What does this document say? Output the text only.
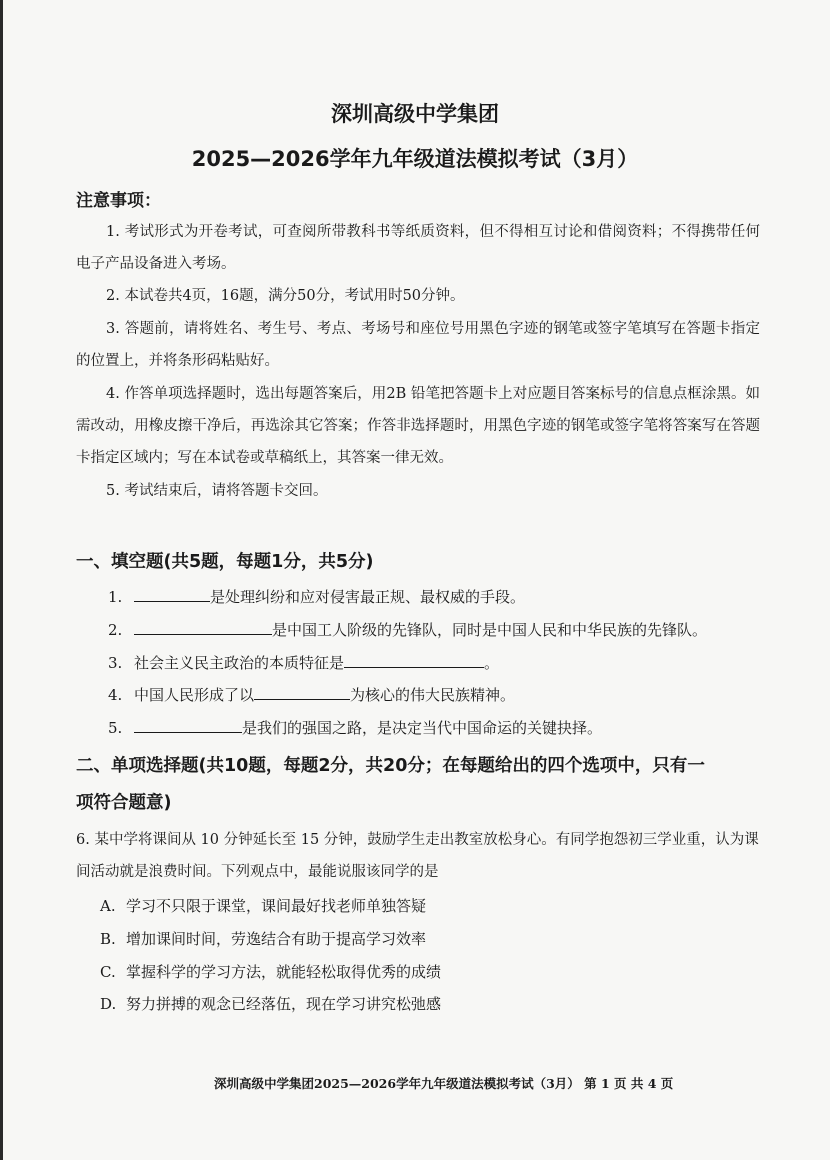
深圳高级中学集团
2025—2026学年九年级道法模拟考试（3月）
注意事项：

1. 考试形式为开卷考试，可查阅所带教科书等纸质资料，但不得相互讨论和借阅资料；不得携带任何电子产品设备进入考场。

2. 本试卷共4页，16题，满分50分，考试用时50分钟。

3. 答题前，请将姓名、考生号、考点、考场号和座位号用黑色字迹的钢笔或签字笔填写在答题卡指定的位置上，并将条形码粘贴好。

4. 作答单项选择题时，选出每题答案后，用2B 铅笔把答题卡上对应题目答案标号的信息点框涂黑。如需改动，用橡皮擦干净后，再选涂其它答案；作答非选择题时，用黑色字迹的钢笔或签字笔将答案写在答题卡指定区域内；写在本试卷或草稿纸上，其答案一律无效。

5. 考试结束后，请将答题卡交回。

一、填空题(共5题，每题1分，共5分)
1.	是处理纠纷和应对侵害最正规、最权威的手段。
2.	是中国工人阶级的先锋队，同时是中国人民和中华民族的先锋队。
3. 社会主义民主政治的本质特征是	。
4. 中国人民形成了以	为核心的伟大民族精神。
5.	是我们的强国之路，是决定当代中国命运的关键抉择。
二、单项选择题(共10题，每题2分，共20分；在每题给出的四个选项中，只有一
项符合题意)
6. 某中学将课间从 10 分钟延长至 15 分钟，鼓励学生走出教室放松身心。有同学抱怨初三学业重，认为课间活动就是浪费时间。下列观点中，最能说服该同学的是
A. 学习不只限于课堂，课间最好找老师单独答疑
B. 增加课间时间，劳逸结合有助于提高学习效率
C. 掌握科学的学习方法，就能轻松取得优秀的成绩
D. 努力拼搏的观念已经落伍，现在学习讲究松弛感
深圳高级中学集团2025—2026学年九年级道法模拟考试（3月） 第 1 页 共 4 页
